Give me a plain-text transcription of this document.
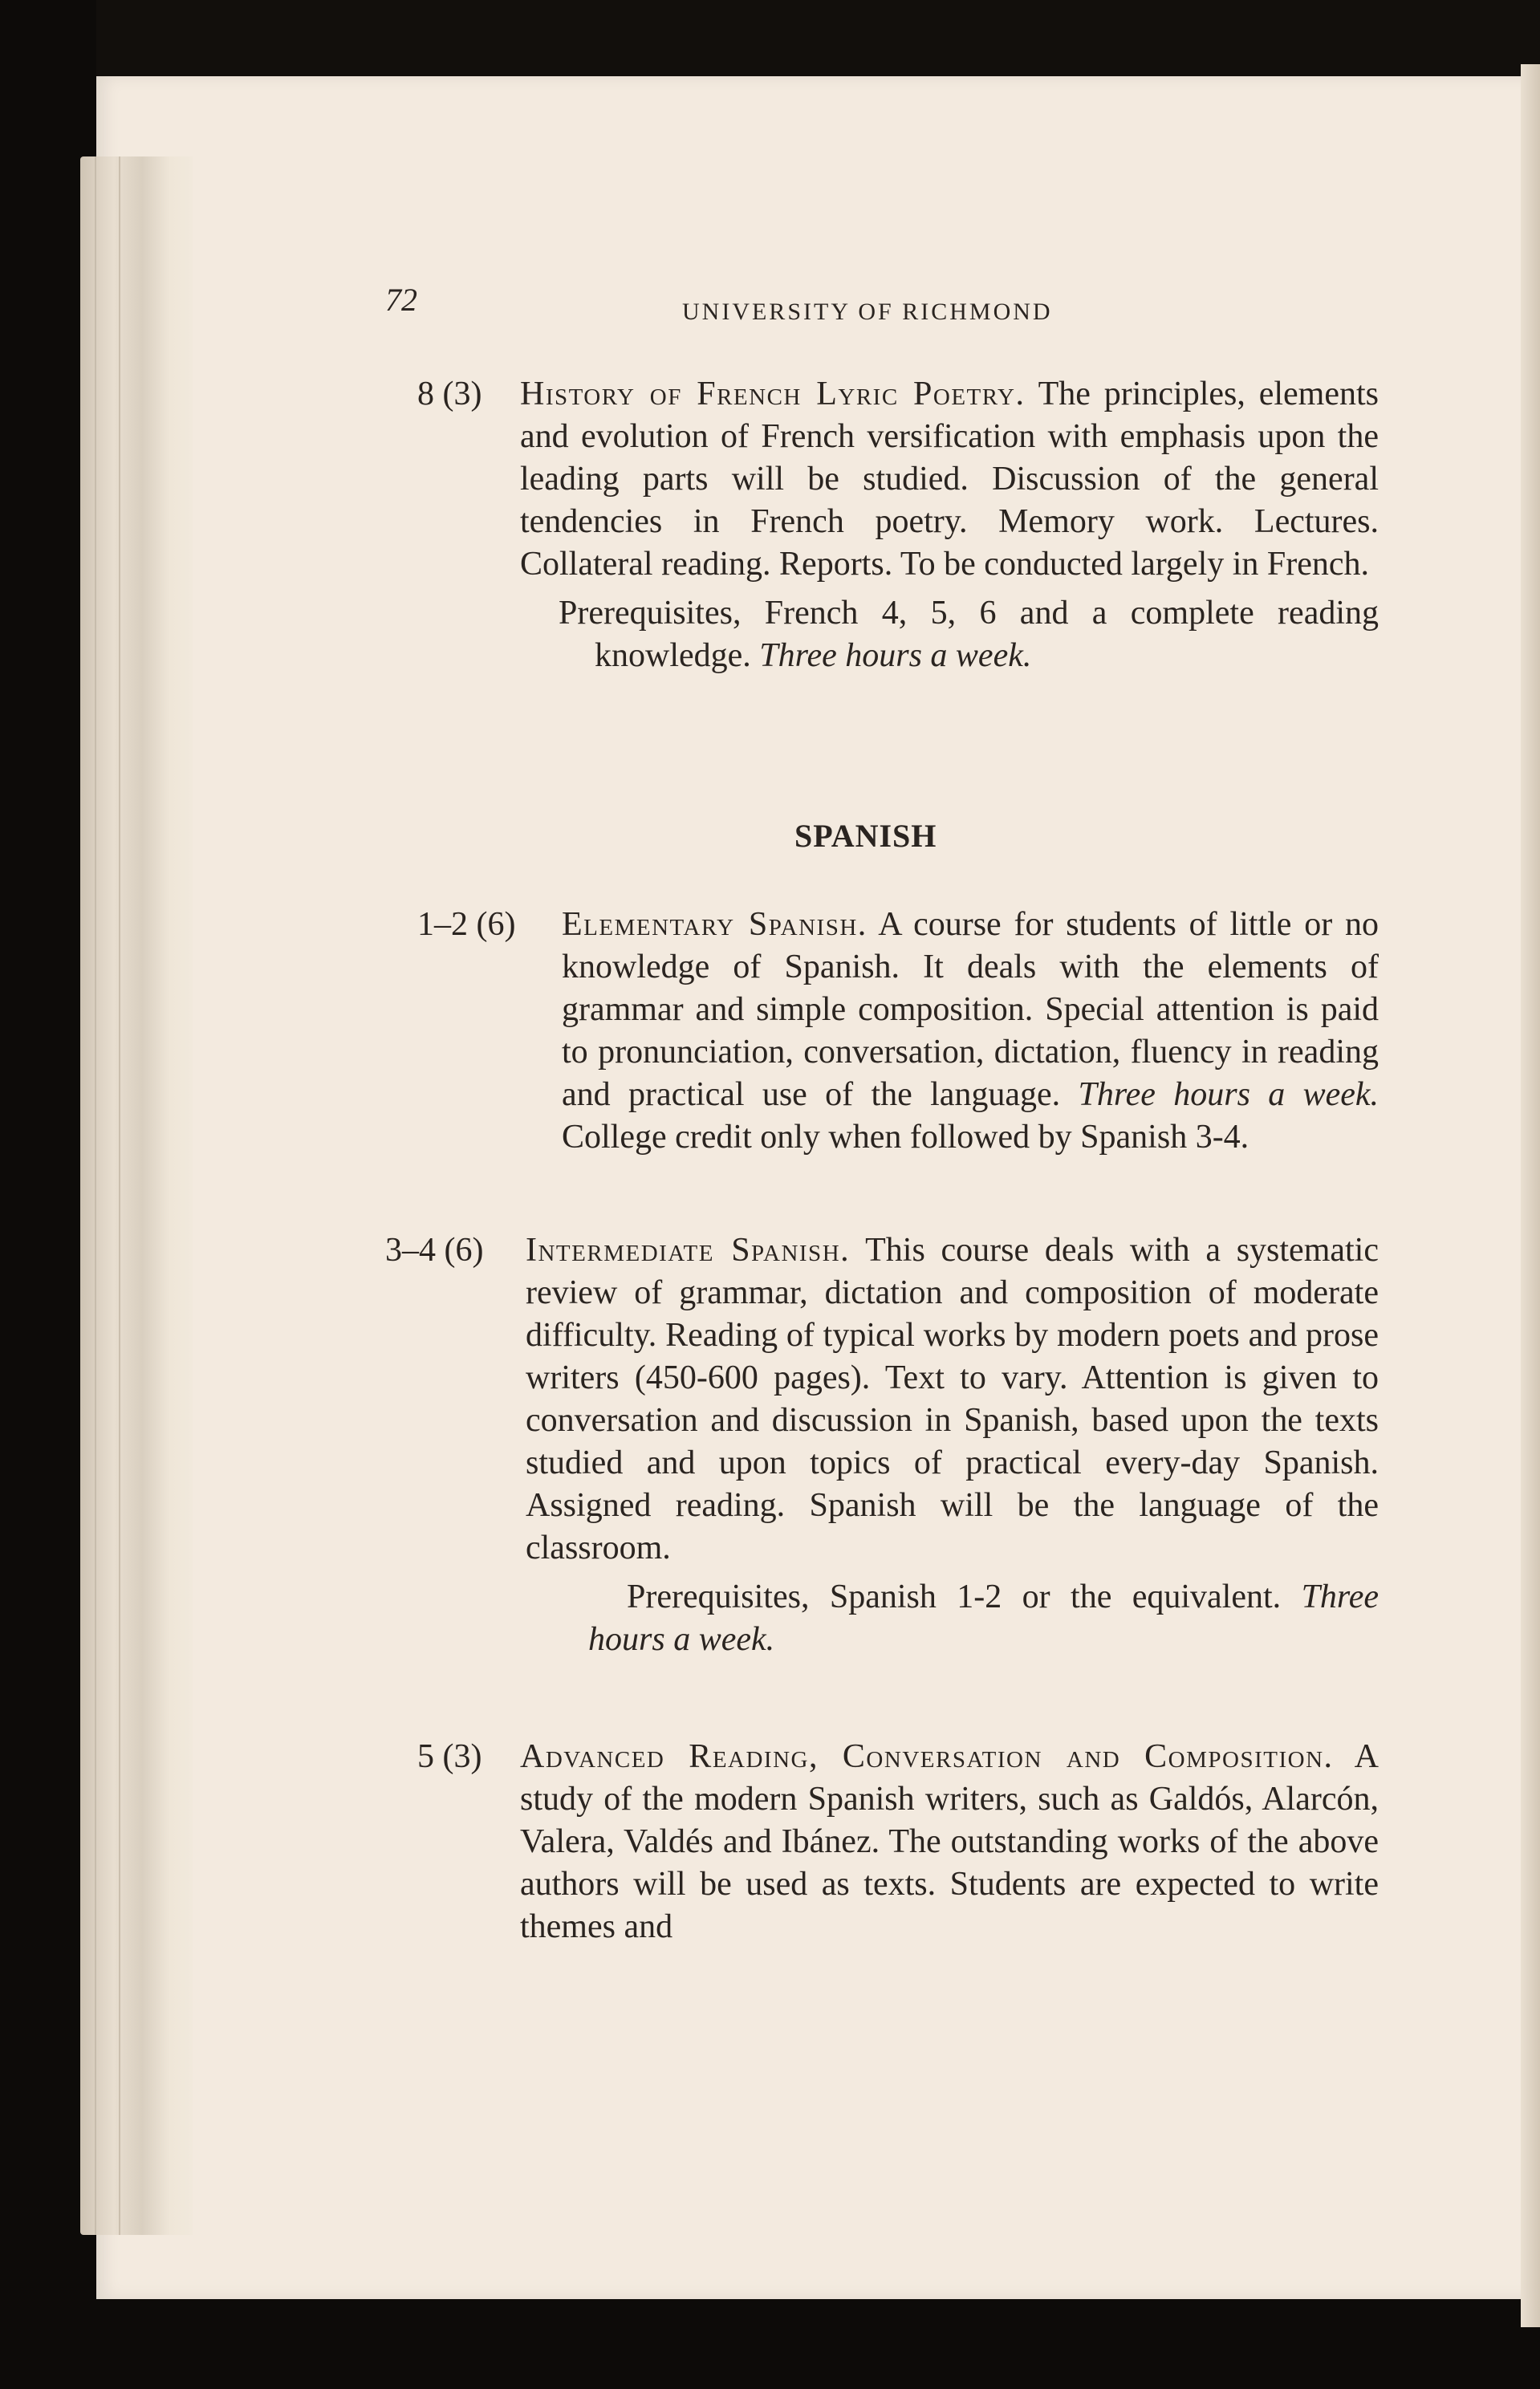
72	UNIVERSITY OF RICHMOND
8 (3) History of French Lyric Poetry. The principles, elements and evolution of French versification with emphasis upon the leading parts will be studied. Discussion of the general tendencies in French poetry. Memory work. Lectures. Collateral reading. Reports. To be conducted largely in French.

Prerequisites, French 4, 5, 6 and a complete reading knowledge. Three hours a week.

SPANISH
1–2 (6) Elementary Spanish. A course for students of little or no knowledge of Spanish. It deals with the elements of grammar and simple composition. Special attention is paid to pronunciation, conversation, dictation, fluency in reading and practical use of the language. Three hours a week. College credit only when followed by Spanish 3-4.

3–4 (6) Intermediate Spanish. This course deals with a systematic review of grammar, dictation and composition of moderate difficulty. Reading of typical works by modern poets and prose writers (450-600 pages). Text to vary. Attention is given to conversation and discussion in Spanish, based upon the texts studied and upon topics of practical every-day Spanish. Assigned reading. Spanish will be the language of the classroom.

Prerequisites, Spanish 1-2 or the equivalent. Three hours a week.

5 (3) Advanced Reading, Conversation and Composition. A study of the modern Spanish writers, such as Galdós, Alarcón, Valera, Valdés and Ibánez. The outstanding works of the above authors will be used as texts. Students are expected to write themes and
